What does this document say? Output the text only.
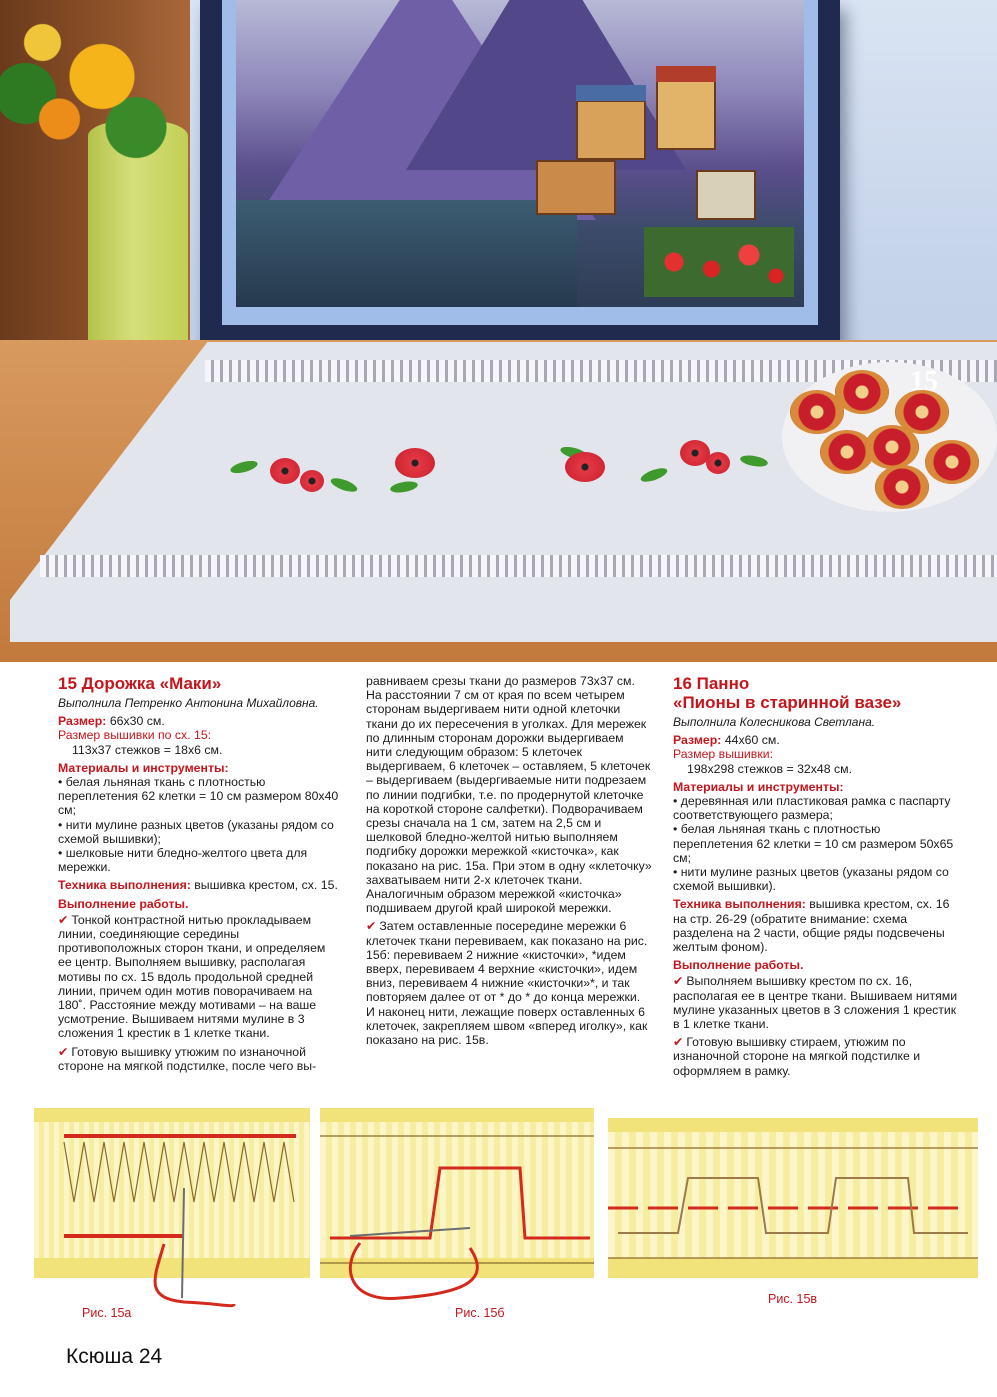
15
15 Дорожка «Маки»
Выполнила Петренко Антонина Михайловна.

Размер: 66х30 см.

Размер вышивки по сх. 15:

113х37 стежков = 18х6 см.

Материалы и инструменты:

• белая льняная ткань с плотностью переплетения 62 клетки = 10 см размером 80х40 см;

• нити мулине разных цветов (указаны рядом со схемой вышивки);

• шелковые нити бледно-желтого цвета для мережки.

Техника выполнения: вышивка крестом, сх. 15.

Выполнение работы.

✔ Тонкой контрастной нитью прокладываем линии, соединяющие середины противоположных сторон ткани, и определяем ее центр. Выполняем вышивку, располагая мотивы по сх. 15 вдоль продольной средней линии, причем один мотив поворачиваем на 180˚. Расстояние между мотивами – на ваше усмотрение. Вышиваем нитями мулине в 3 сложения 1 крестик в 1 клетке ткани.

✔ Готовую вышивку утюжим по изнаночной стороне на мягкой подстилке, после чего вы-

равниваем срезы ткани до размеров 73х37 см. На расстоянии 7 см от края по всем четырем сторонам выдергиваем нити одной клеточки ткани до их пересечения в уголках. Для мережек по длинным сторонам дорожки выдергиваем нити следующим образом: 5 клеточек выдергиваем, 6 клеточек – оставляем, 5 клеточек – выдергиваем (выдергиваемые нити подрезаем по линии подгибки, т.е. по продернутой клеточке на короткой стороне салфетки). Подворачиваем срезы сначала на 1 см, затем на 2,5 см и шелковой бледно-желтой нитью выполняем подгибку дорожки мережкой «кисточка», как показано на рис. 15а. При этом в одну «клеточку» захватываем нити 2-х клеточек ткани. Аналогичным образом мережкой «кисточка» подшиваем другой край широкой мережки.

✔ Затем оставленные посередине мережки 6 клеточек ткани перевиваем, как показано на рис. 15б: перевиваем 2 нижние «кисточки», *идем вверх, перевиваем 4 верхние «кисточки», идем вниз, перевиваем 4 нижние «кисточки»*, и так повторяем далее от от * до * до конца мережки. И наконец нити, лежащие поверх оставленных 6 клеточек, закрепляем швом «вперед иголку», как показано на рис. 15в.

16 Панно
«Пионы в старинной вазе»
Выполнила Колесникова Светлана.

Размер: 44х60 см.

Размер вышивки:

198х298 стежков = 32х48 см.

Материалы и инструменты:

• деревянная или пластиковая рамка с паспарту соответствующего размера;

• белая льняная ткань с плотностью переплетения 62 клетки = 10 см размером 50х65 см;

• нити мулине разных цветов (указаны рядом со схемой вышивки).

Техника выполнения: вышивка крестом, сх. 16 на стр. 26-29 (обратите внимание: схема разделена на 2 части, общие ряды подсвечены желтым фоном).

Выполнение работы.

✔ Выполняем вышивку крестом по сх. 16, располагая ее в центре ткани. Вышиваем нитями мулине указанных цветов в 3 сложения 1 крестик в 1 клетке ткани.

✔ Готовую вышивку стираем, утюжим по изнаночной стороне на мягкой подстилке и оформляем в рамку.

Рис. 15а	Рис. 15б
Рис. 15в
Ксюша 24
